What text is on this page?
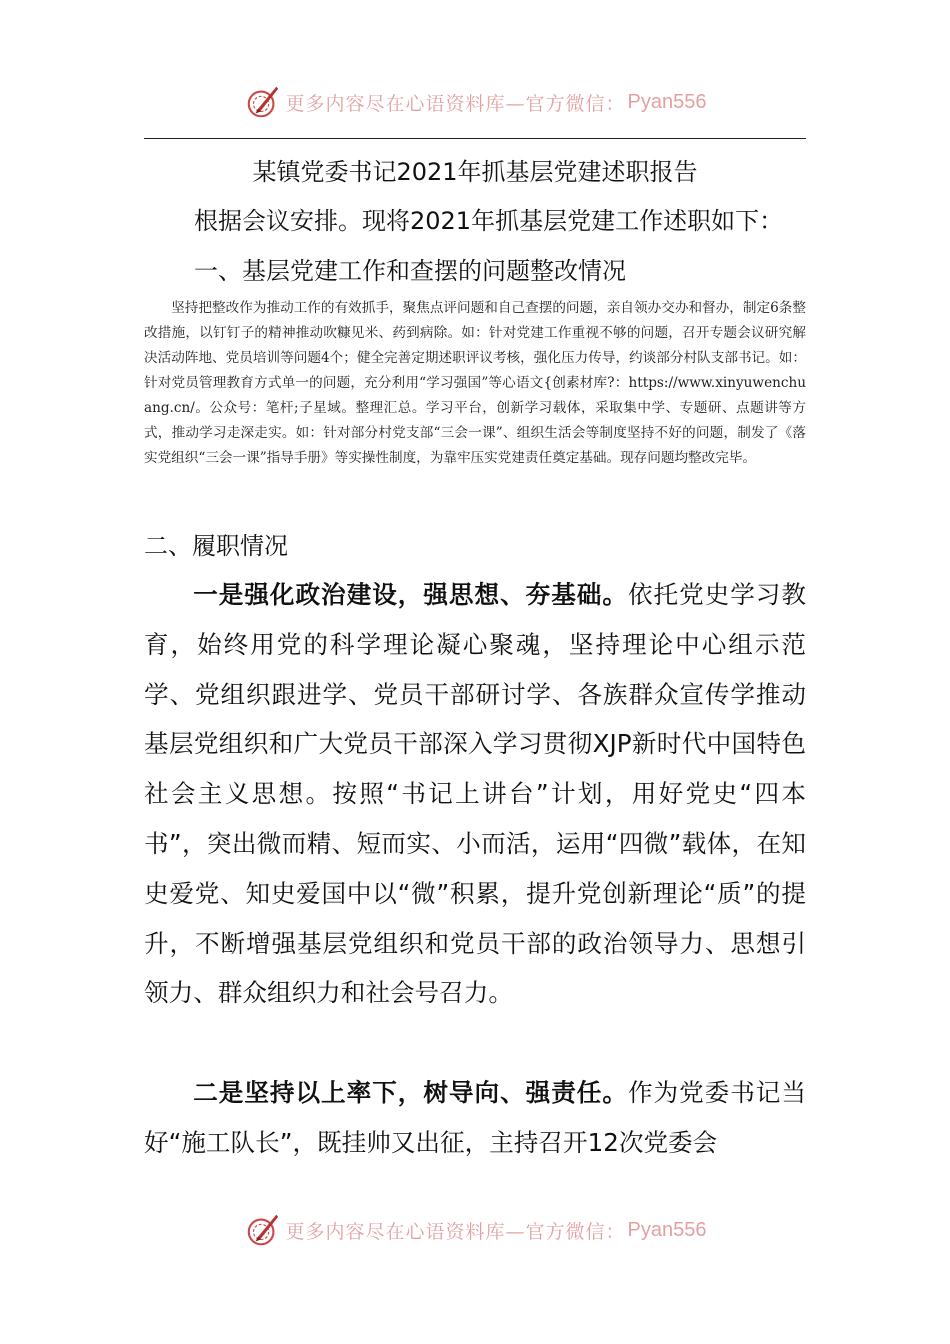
更多内容尽在心语资料库—官方微信： Pyan556
某镇党委书记2021年抓基层党建述职报告
根据会议安排。现将2021年抓基层党建工作述职如下：
一、基层党建工作和查摆的问题整改情况

坚持把整改作为推动工作的有效抓手，聚焦点评问题和自己查摆的问题，亲自领办交办和督办，制定6条整改措施，以钉钉子的精神推动吹糠见米、药到病除。如：针对党建工作重视不够的问题，召开专题会议研究解决活动阵地、党员培训等问题4个；健全完善定期述职评议考核，强化压力传导，约谈部分村队支部书记。如：针对党员管理教育方式单一的问题，充分利用“学习强国”等心语文{创素材库?：https://www.xinyuwenchuang.cn/。公众号：笔杆;子星域。整理汇总。学习平台，创新学习载体，采取集中学、专题研、点题讲等方式，推动学习走深走实。如：针对部分村党支部“三会一课”、组织生活会等制度坚持不好的问题，制发了《落实党组织“三会一课”指导手册》等实操性制度，为靠牢压实党建责任奠定基础。现存问题均整改完毕。

二、履职情况

一是强化政治建设，强思想、夯基础。依托党史学习教育，始终用党的科学理论凝心聚魂，坚持理论中心组示范学、党组织跟进学、党员干部研讨学、各族群众宣传学推动基层党组织和广大党员干部深入学习贯彻XJP新时代中国特色社会主义思想。按照“书记上讲台”计划，用好党史“四本书”，突出微而精、短而实、小而活，运用“四微”载体，在知史爱党、知史爱国中以“微”积累，提升党创新理论“质”的提升，不断增强基层党组织和党员干部的政治领导力、思想引领力、群众组织力和社会号召力。

二是坚持以上率下，树导向、强责任。作为党委书记当好“施工队长”，既挂帅又出征，主持召开12次党委会

更多内容尽在心语资料库—官方微信： Pyan556
